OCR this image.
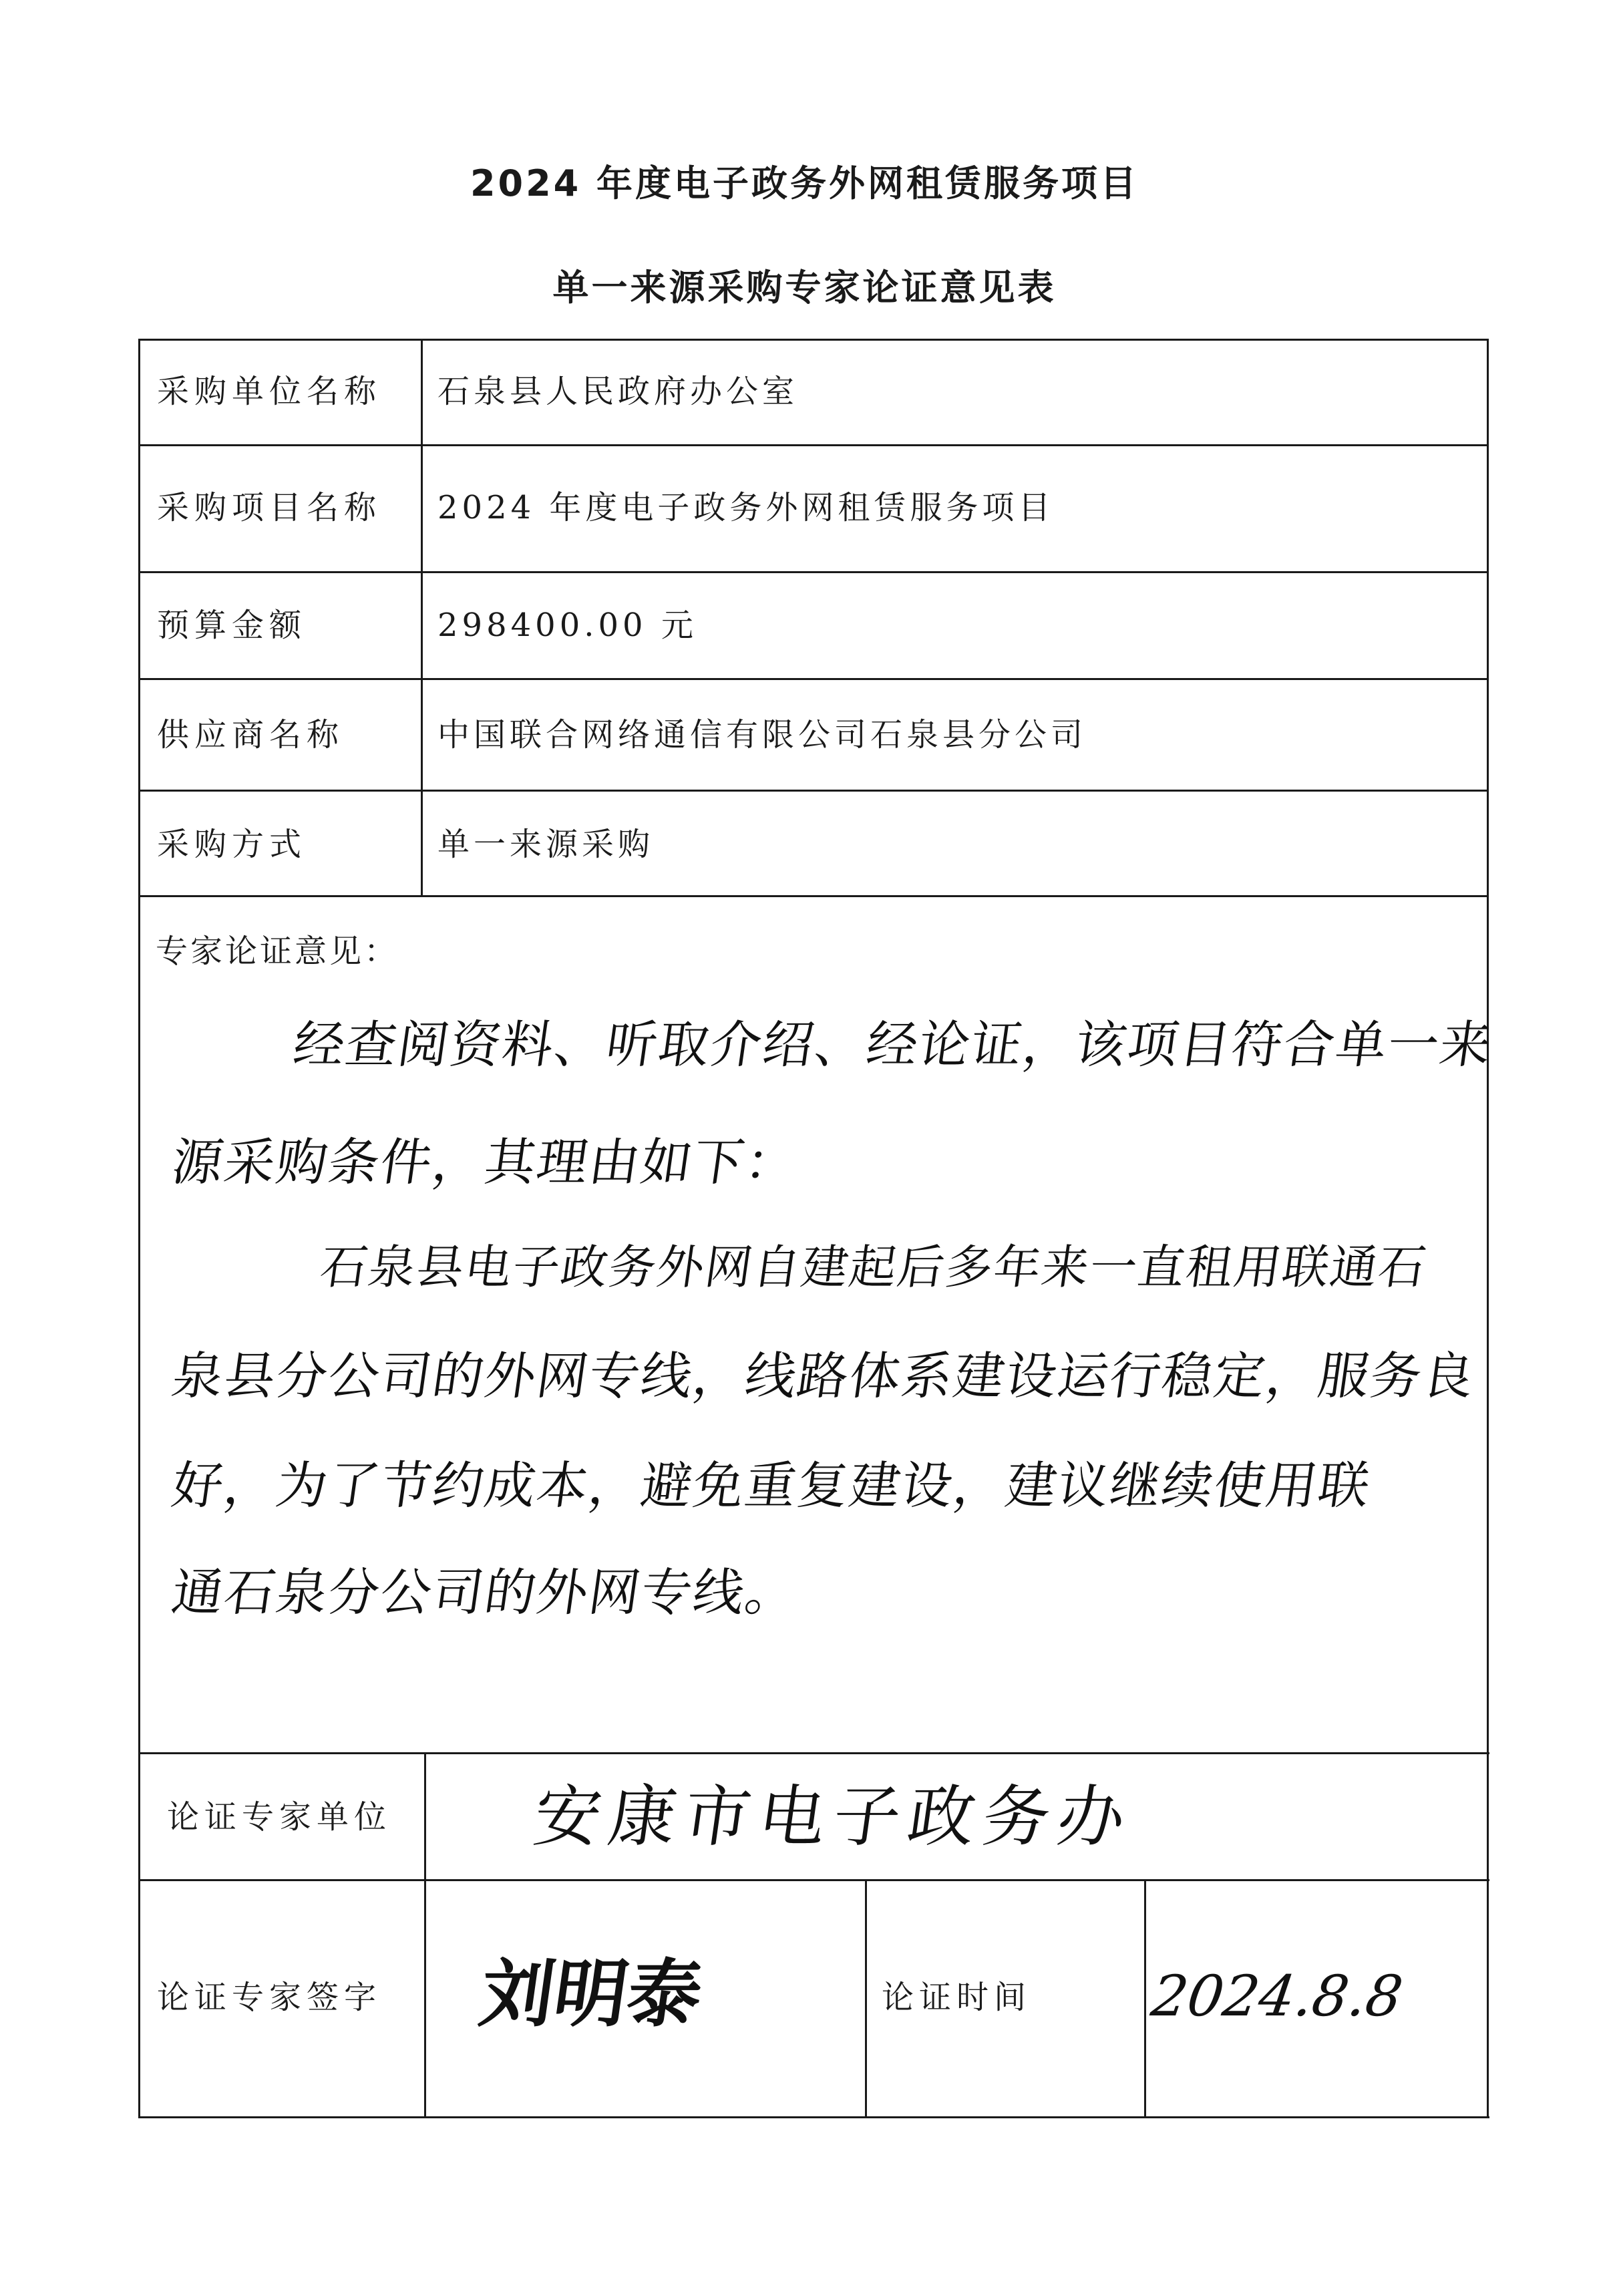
2024 年度电子政务外网租赁服务项目
单一来源采购专家论证意见表
采购单位名称 石泉县人民政府办公室
采购项目名称 2024 年度电子政务外网租赁服务项目
预算金额	298400.00 元
供应商名称	中国联合网络通信有限公司石泉县分公司
采购方式	单一来源采购
专家论证意见：
经查阅资料、听取介绍、经论证，该项目符合单一来
源采购条件，其理由如下：
石泉县电子政务外网自建起后多年来一直租用联通石
泉县分公司的外网专线，线路体系建设运行稳定，服务良
好，为了节约成本，避免重复建设，建议继续使用联
通石泉分公司的外网专线。
论证专家单位 安康市电子政务办
论证专家签字 刘明泰	论证时间 2024.8.8
